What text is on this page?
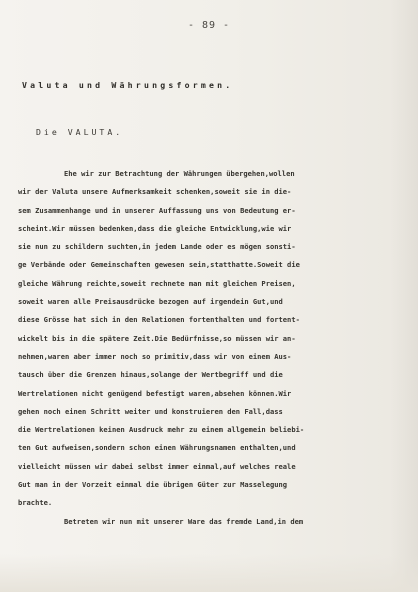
- 89 -
Valuta und Währungsformen.
Die VALUTA.
Ehe wir zur Betrachtung der Währungen übergehen,wollen
wir der Valuta unsere Aufmerksamkeit schenken,soweit sie in die-
sem Zusammenhange und in unserer Auffassung uns von Bedeutung er-
scheint.Wir müssen bedenken,dass die gleiche Entwicklung,wie wir
sie nun zu schildern suchten,in jedem Lande oder es mögen sonsti-
ge Verbände oder Gemeinschaften gewesen sein,statthatte.Soweit die
gleiche Währung reichte,soweit rechnete man mit gleichen Preisen,
soweit waren alle Preisausdrücke bezogen auf irgendein Gut,und
diese Grösse hat sich in den Relationen fortenthalten und fortent-
wickelt bis in die spätere Zeit.Die Bedürfnisse,so müssen wir an-
nehmen,waren aber immer noch so primitiv,dass wir von einem Aus-
tausch über die Grenzen hinaus,solange der Wertbegriff und die
Wertrelationen nicht genügend befestigt waren,absehen können.Wir
gehen noch einen Schritt weiter und konstruieren den Fall,dass
die Wertrelationen keinen Ausdruck mehr zu einem allgemein beliebi-
ten Gut aufweisen,sondern schon einen Währungsnamen enthalten,und
vielleicht müssen wir dabei selbst immer einmal,auf welches reale
Gut man in der Vorzeit einmal die übrigen Güter zur Masselegung
brachte.
Betreten wir nun mit unserer Ware das fremde Land,in dem
